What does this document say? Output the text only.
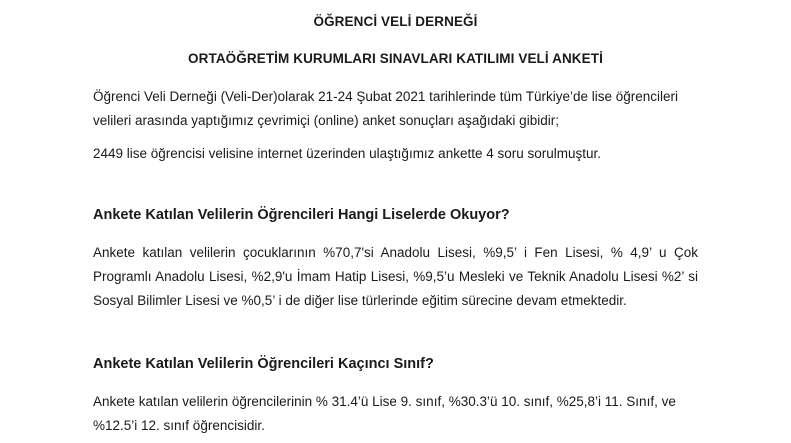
ÖĞRENCİ VELİ DERNEĞİ
ORTAÖĞRETİM KURUMLARI SINAVLARI KATILIMI VELİ ANKETİ

Öğrenci Veli Derneği (Veli-Der)olarak 21-24 Şubat 2021 tarihlerinde tüm Türkiye’de lise öğrencileri velileri arasında yaptığımız çevrimiçi (online) anket sonuçları aşağıdaki gibidir;

2449 lise öğrencisi velisine internet üzerinden ulaştığımız ankette 4 soru sorulmuştur.

Ankete Katılan Velilerin Öğrencileri Hangi Liselerde Okuyor?

Ankete katılan velilerin çocuklarının %70,7'si Anadolu Lisesi, %9,5’ i Fen Lisesi, % 4,9’ u Çok Programlı Anadolu Lisesi, %2,9'u İmam Hatip Lisesi, %9,5’u Mesleki ve Teknik Anadolu Lisesi %2’ si Sosyal Bilimler Lisesi ve %0,5’ i de diğer lise türlerinde eğitim sürecine devam etmektedir.

Ankete Katılan Velilerin Öğrencileri Kaçıncı Sınıf?

Ankete katılan velilerin öğrencilerinin % 31.4’ü Lise 9. sınıf, %30.3’ü 10. sınıf, %25,8’i 11. Sınıf, ve %12.5’i 12. sınıf öğrencisidir.
